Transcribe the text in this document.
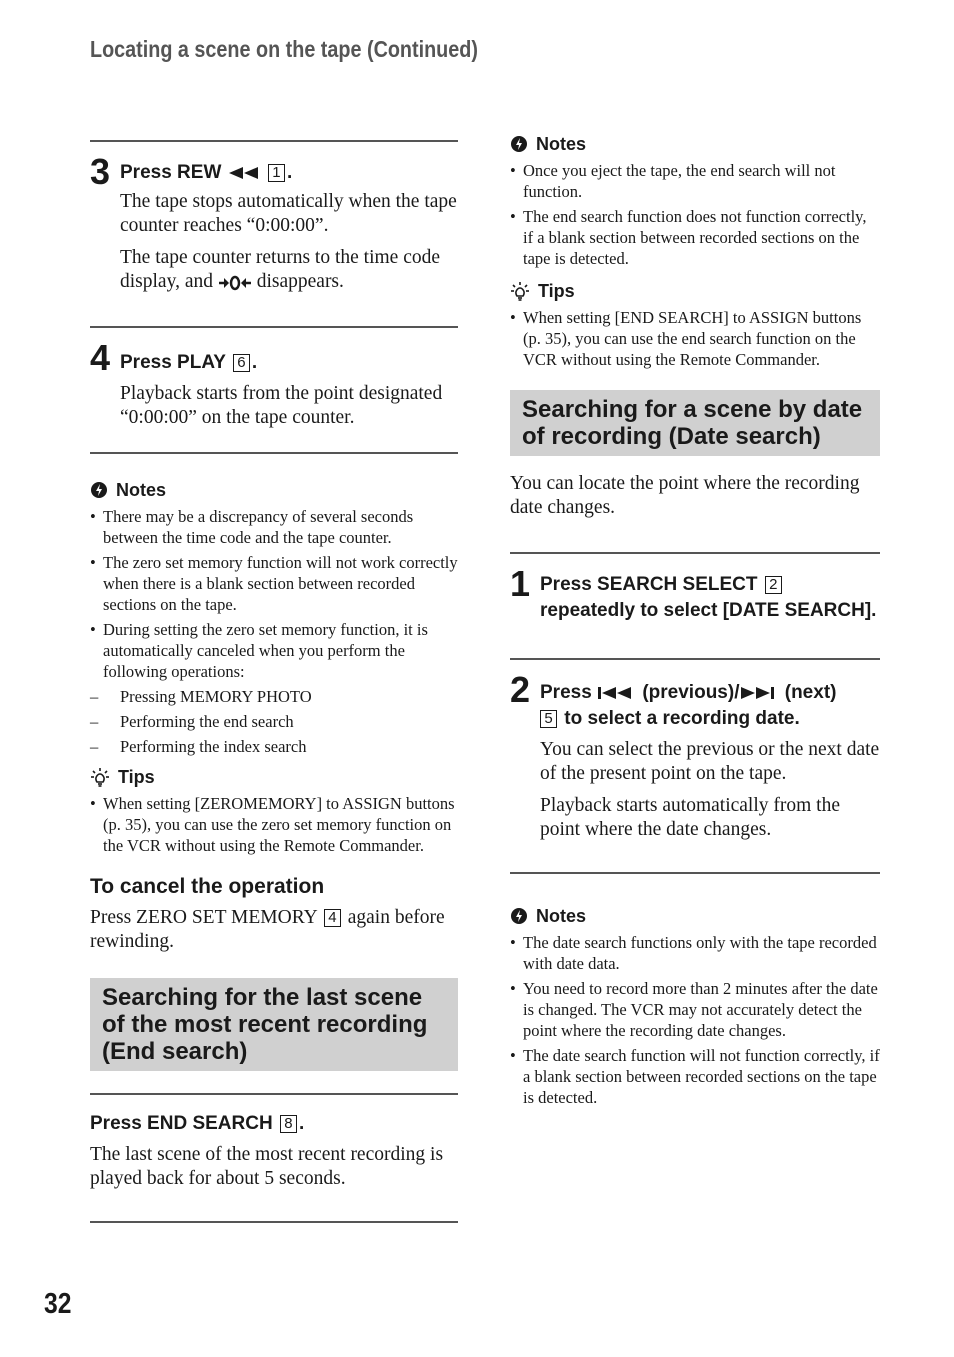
Locating a scene on the tape (Continued)
3 Press REW	1 .
The tape stops automatically when the tape counter reaches “0:00:00”.
The tape counter returns to the time code display, and disappears.
4 Press PLAY 6 .
Playback starts from the point designated “0:00:00” on the tape counter.
Notes
• There may be a discrepancy of several seconds between the time code and the tape counter.
• The zero set memory function will not work correctly when there is a blank section between recorded sections on the tape.
• During setting the zero set memory function, it is automatically canceled when you perform the following operations:
– Pressing MEMORY PHOTO
– Performing the end search
– Performing the index search
Tips
• When setting [ZEROMEMORY] to ASSIGN buttons (p. 35), you can use the zero set memory function on the VCR without using the Remote Commander.
To cancel the operation
Press ZERO SET MEMORY 4 again before rewinding.
Searching for the last scene of the most recent recording (End search)
Press END SEARCH 8 .
The last scene of the most recent recording is played back for about 5 seconds.
Notes
• Once you eject the tape, the end search will not function.
• The end search function does not function correctly, if a blank section between recorded sections on the tape is detected.
Tips
• When setting [END SEARCH] to ASSIGN buttons (p. 35), you can use the end search function on the VCR without using the Remote Commander.
Searching for a scene by date of recording (Date search)
You can locate the point where the recording date changes.
1 Press SEARCH SELECT 2 repeatedly to select [DATE SEARCH].
2 Press	(previous)/ (next)
5 to select a recording date.
You can select the previous or the next date of the present point on the tape.
Playback starts automatically from the point where the date changes.
Notes
• The date search functions only with the tape recorded with date data.
• You need to record more than 2 minutes after the date is changed. The VCR may not accurately detect the point where the recording date changes.
• The date search function will not function correctly, if a blank section between recorded sections on the tape is detected.
32
